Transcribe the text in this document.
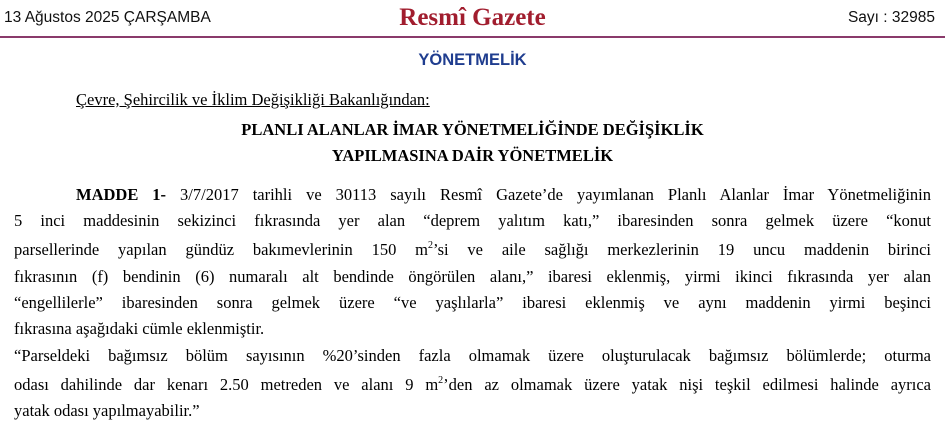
13 Ağustos 2025 ÇARŞAMBA	Resmî Gazete	Sayı : 32985
YÖNETMELİK
Çevre, Şehircilik ve İklim Değişikliği Bakanlığından:
PLANLI ALANLAR İMAR YÖNETMELİĞİNDE DEĞİŞİKLİK
YAPILMASINA DAİR YÖNETMELİK
MADDE 1- 3/7/2017 tarihli ve 30113 sayılı Resmî Gazete’de yayımlanan Planlı Alanlar İmar Yönetmeliğinin
5 inci maddesinin sekizinci fıkrasında yer alan “deprem yalıtım katı,” ibaresinden sonra gelmek üzere “konut
parsellerinde yapılan gündüz bakımevlerinin 150 $m^2’si$ ve aile sağlığı merkezlerinin 19 uncu maddenin birinci
fıkrasının (f) bendinin (6) numaralı alt bendinde öngörülen alanı,” ibaresi eklenmiş, yirmi ikinci fıkrasında yer alan
“engellilerle” ibaresinden sonra gelmek üzere “ve yaşlılarla” ibaresi eklenmiş ve aynı maddenin yirmi beşinci
fıkrasına aşağıdaki cümle eklenmiştir.
“Parseldeki bağımsız bölüm sayısının %20’sinden fazla olmamak üzere oluşturulacak bağımsız bölümlerde; oturma
odası dahilinde dar kenarı 2.50 metreden ve alanı 9 $m^2’den$ az olmamak üzere yatak nişi teşkil edilmesi halinde ayrıca
yatak odası yapılmayabilir.”
